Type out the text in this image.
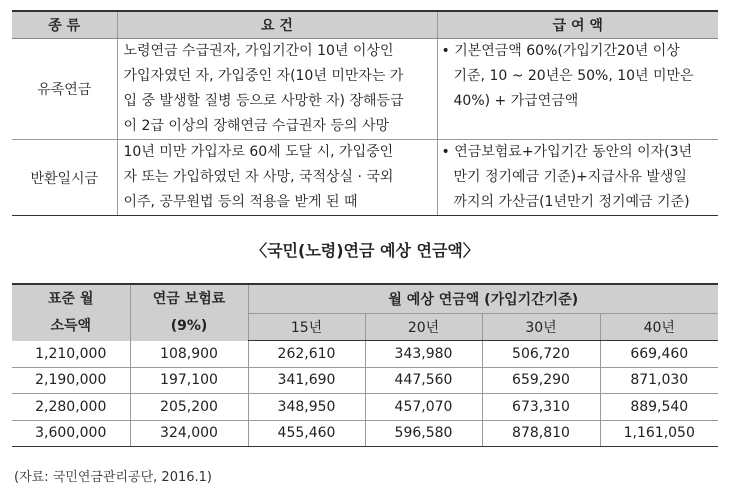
종 류	요 건	급 여 액
유족연금	노령연금 수급권자, 가입기간이 10년 이상인
가입자였던 자, 가입중인 자(10년 미만자는 가
입 중 발생할 질병 등으로 사망한 자) 장해등급
이 2급 이상의 장해연금 수급권자 등의 사망	• 기본연금액 60%(가입기간20년 이상
기준, 10 ~ 20년은 50%, 10년 미만은
40%) + 가급연금액

반환일시금	10년 미만 가입자로 60세 도달 시, 가입중인
자 또는 가입하였던 자 사망, 국적상실 · 국외
이주, 공무원법 등의 적용을 받게 된 때	• 연금보험료+가입기간 동안의 이자(3년
만기 정기예금 기준)+지급사유 발생일
까지의 가산금(1년만기 정기예금 기준)
〈국민(노령)연금 예상 연금액〉
표준 월
소득액	연금 보험료
(9%)	월 예상 연금액 (가입기간기준)			
		15년	20년	30년	40년
1,210,000	108,900	262,610	343,980	506,720	669,460
2,190,000	197,100	341,690	447,560	659,290	871,030
2,280,000	205,200	348,950	457,070	673,310	889,540
3,600,000	324,000	455,460	596,580	878,810	1,161,050
(자료: 국민연금관리공단, 2016.1)
